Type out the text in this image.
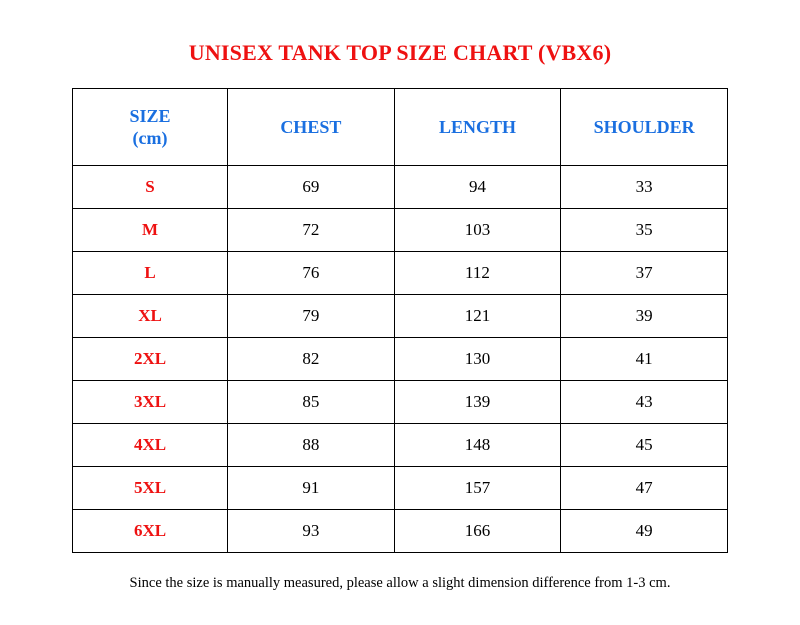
UNISEX TANK TOP SIZE CHART (VBX6)
SIZE
(cm)	CHEST	LENGTH	SHOULDER
S	69	94	33
M	72	103	35
L	76	112	37
XL	79	121	39
2XL	82	130	41
3XL	85	139	43
4XL	88	148	45
5XL	91	157	47
6XL	93	166	49
Since the size is manually measured, please allow a slight dimension difference from 1-3 cm.
